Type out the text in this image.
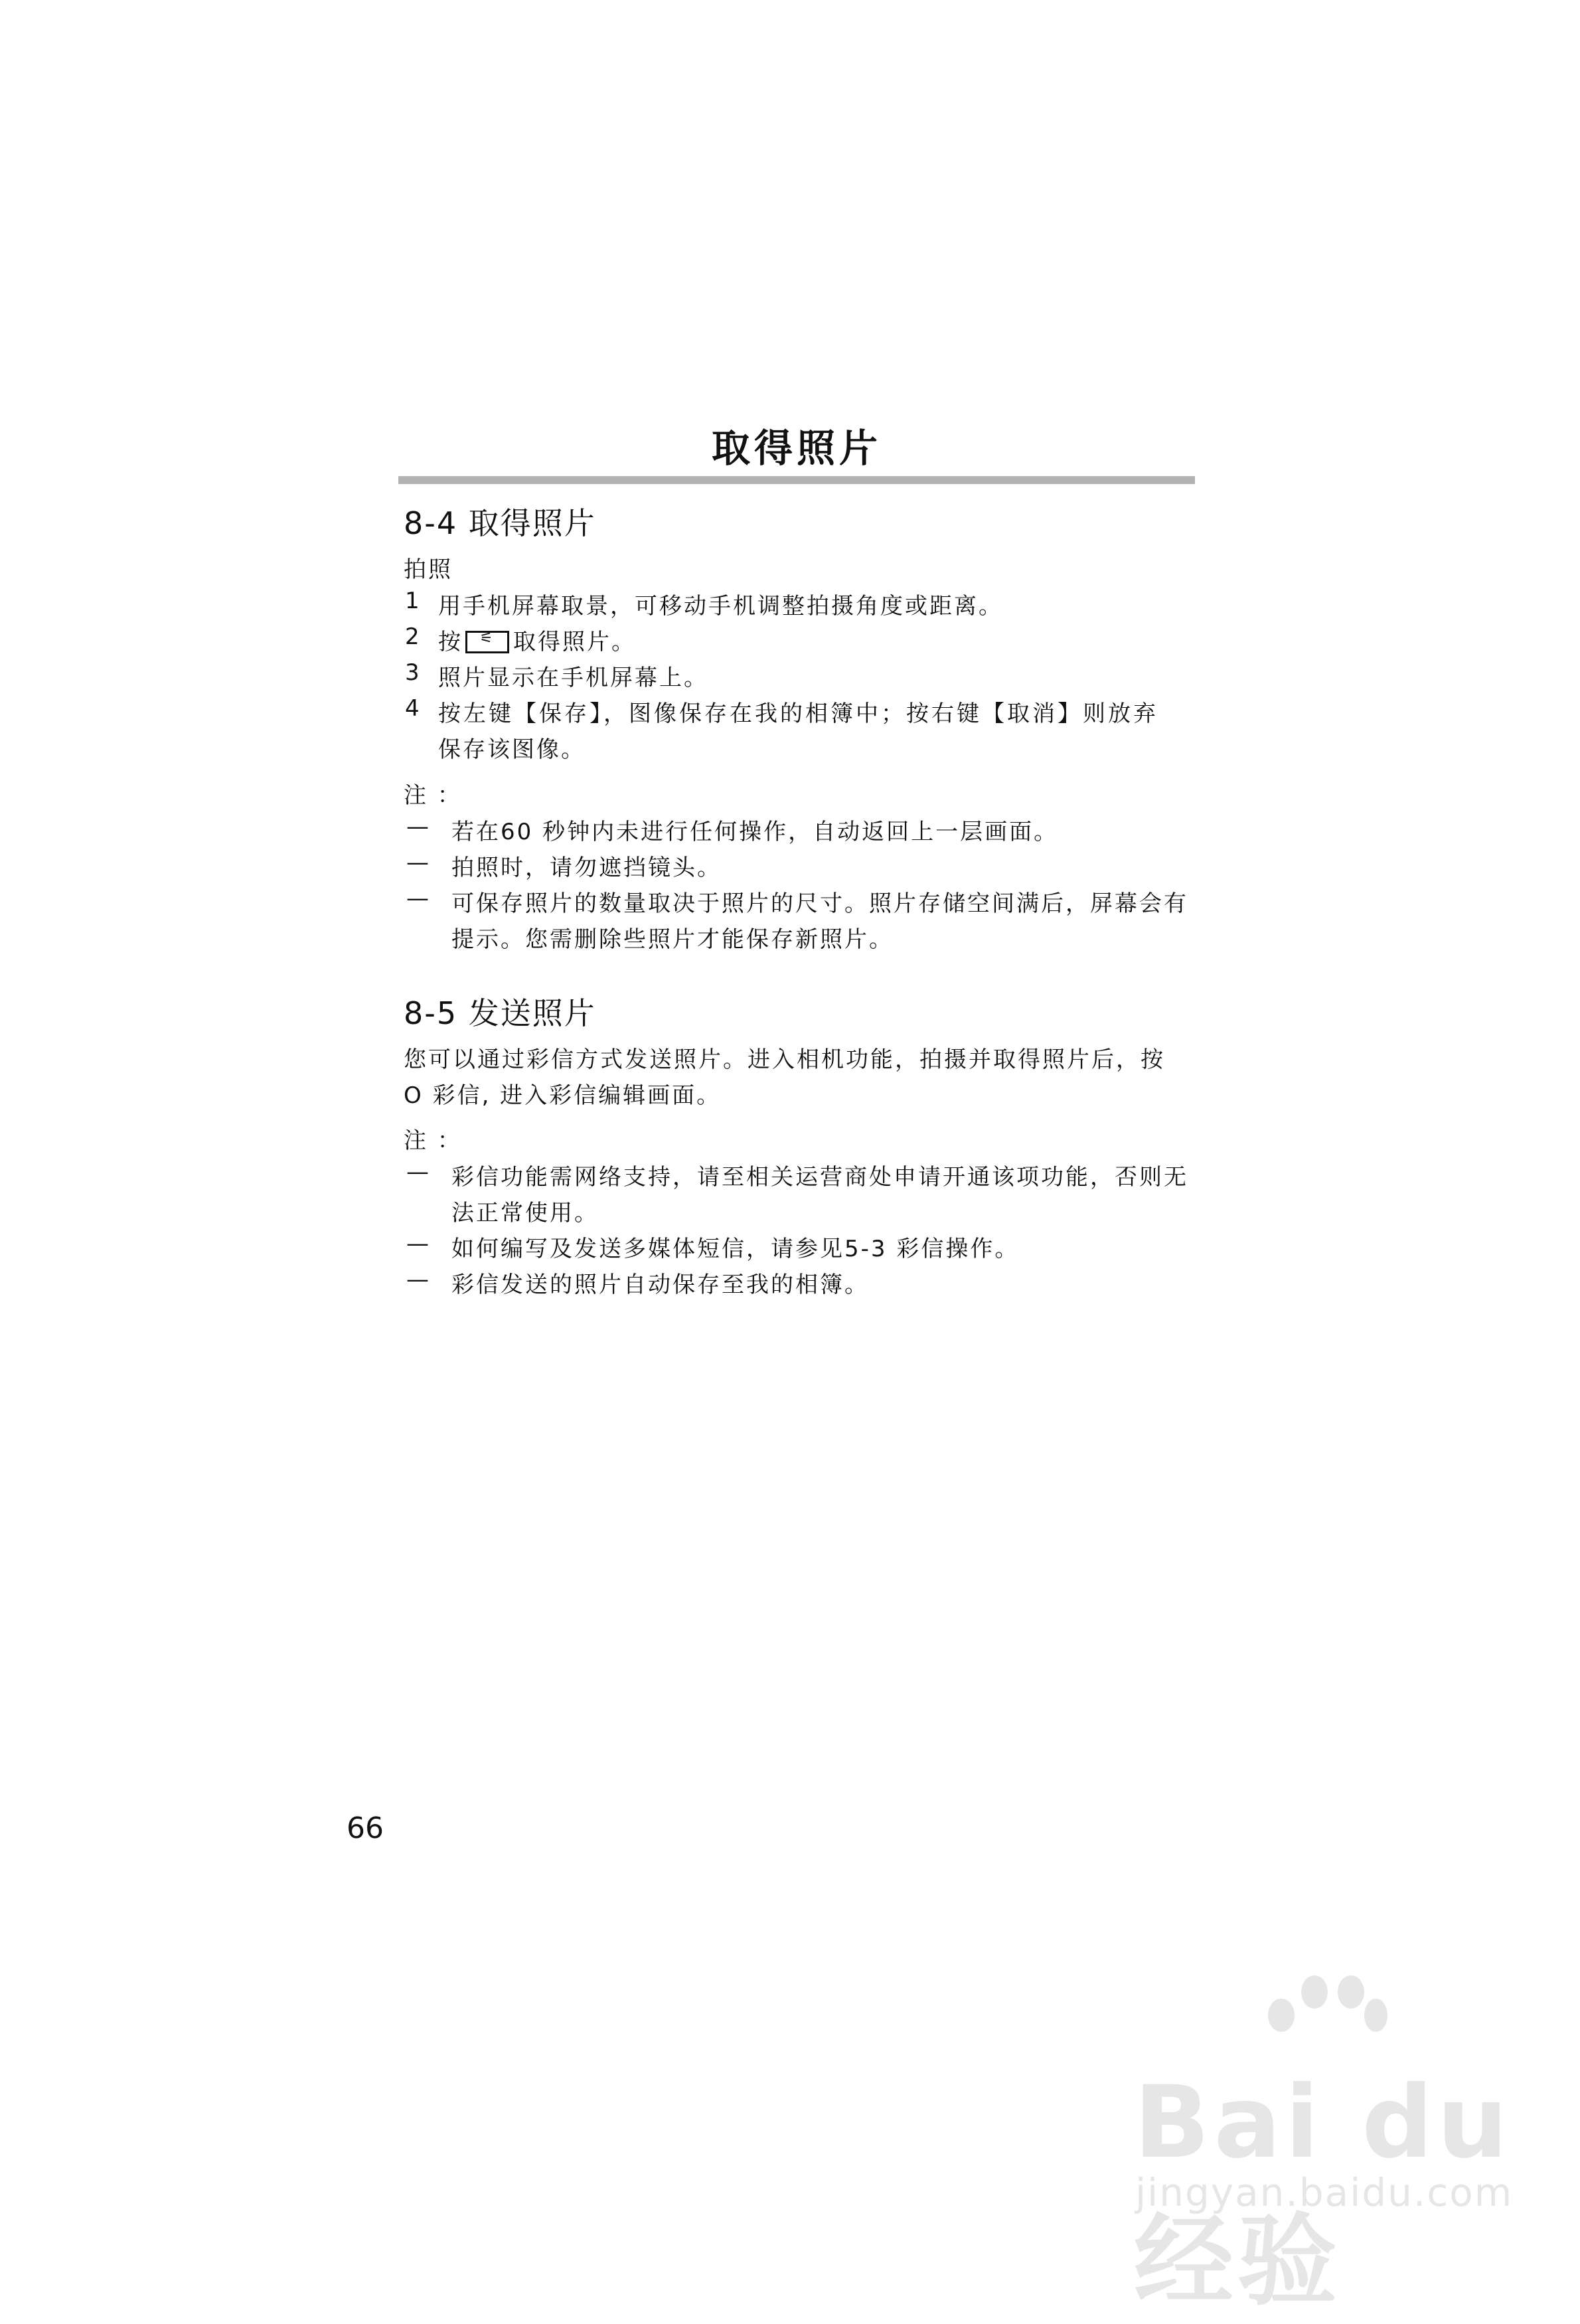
取得照片
8-4 取得照片
拍照
1 用手机屏幕取景，可移动手机调整拍摄角度或距离。
2 按	⚟ 取得照片。
3 照片显示在手机屏幕上。
4 按左键【保存】，图像保存在我的相簿中；按右键【取消】则放弃
保存该图像。
注 ：
— 若在60 秒钟内未进行任何操作，自动返回上一层画面。
— 拍照时，请勿遮挡镜头。
— 可保存照片的数量取决于照片的尺寸。照片存储空间满后，屏幕会有
提示。您需删除些照片才能保存新照片。
8-5 发送照片
您可以通过彩信方式发送照片。进入相机功能，拍摄并取得照片后，按
O 彩信, 进入彩信编辑画面。
注 ：
— 彩信功能需网络支持，请至相关运营商处申请开通该项功能，否则无
法正常使用。
— 如何编写及发送多媒体短信，请参见5-3 彩信操作。
— 彩信发送的照片自动保存至我的相簿。
66
Bai du 经验
jingyan.baidu.com
